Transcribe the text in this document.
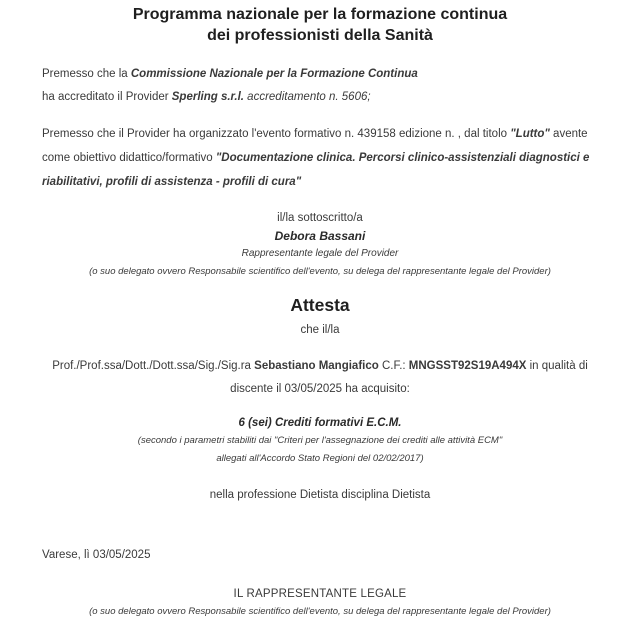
Programma nazionale per la formazione continua
dei professionisti della Sanità
Premesso che la Commissione Nazionale per la Formazione Continua
ha accreditato il Provider Sperling s.r.l. accreditamento n. 5606;
Premesso che il Provider ha organizzato l'evento formativo n. 439158 edizione n. , dal titolo "Lutto" avente come obiettivo didattico/formativo "Documentazione clinica. Percorsi clinico-assistenziali diagnostici e riabilitativi, profili di assistenza - profili di cura"
il/la sottoscritto/a
Debora Bassani
Rappresentante legale del Provider
(o suo delegato ovvero Responsabile scientifico dell'evento, su delega del rappresentante legale del Provider)
Attesta
che il/la
Prof./Prof.ssa/Dott./Dott.ssa/Sig./Sig.ra Sebastiano Mangiafico C.F.: MNGSST92S19A494X in qualità di discente il 03/05/2025 ha acquisito:
6 (sei) Crediti formativi E.C.M.
(secondo i parametri stabiliti dai "Criteri per l'assegnazione dei crediti alle attività ECM"
allegati all'Accordo Stato Regioni del 02/02/2017)
nella professione Dietista disciplina Dietista
Varese, lì 03/05/2025
IL RAPPRESENTANTE LEGALE
(o suo delegato ovvero Responsabile scientifico dell'evento, su delega del rappresentante legale del Provider)
